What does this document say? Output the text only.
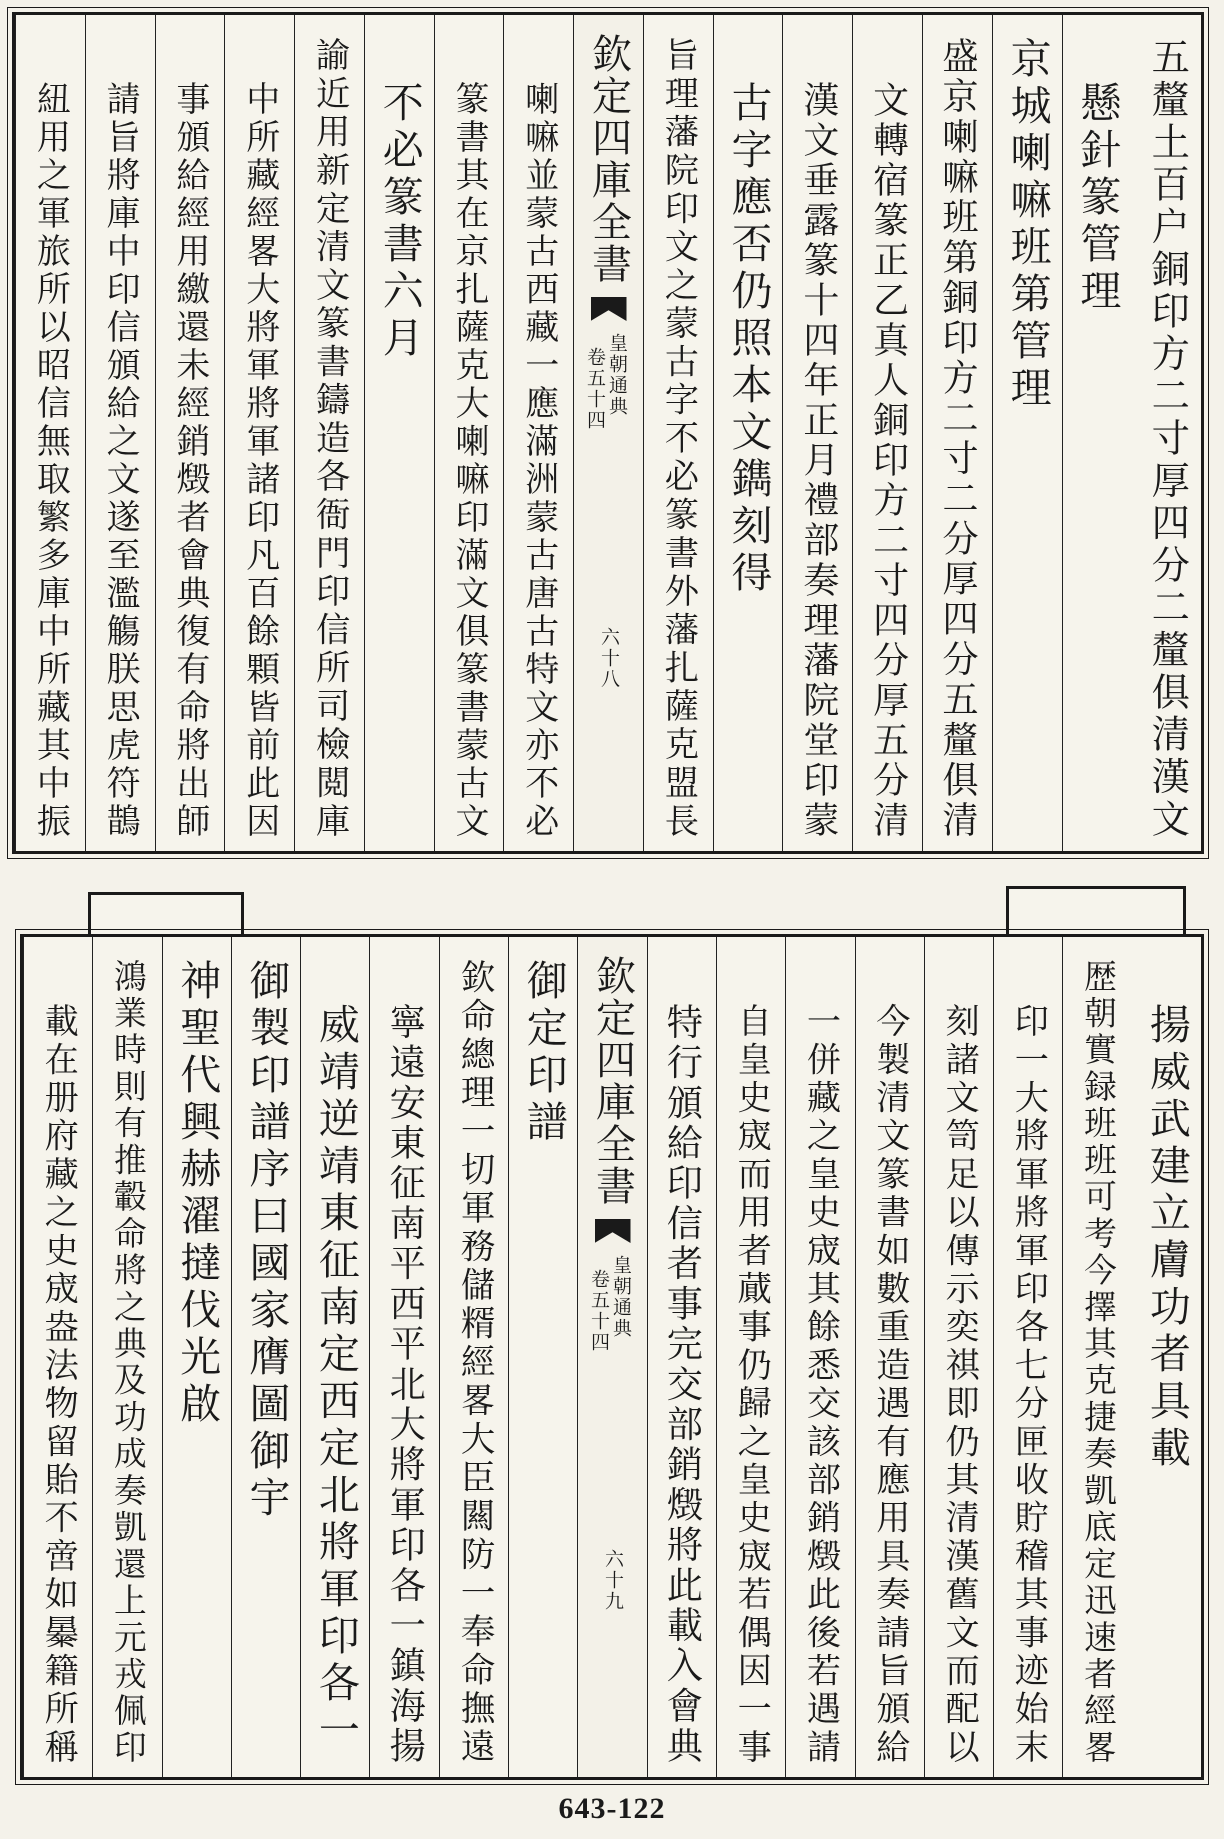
五釐土百户銅印方二寸厚四分二釐俱清漢文
懸針篆管理
京城喇嘛班第管理
盛京喇嘛班第銅印方二寸二分厚四分五釐俱清
文轉宿篆正乙真人銅印方二寸四分厚五分清
漢文垂露篆十四年正月禮部奏理藩院堂印蒙
古字應否仍照本文鐫刻得
旨理藩院印文之蒙古字不必篆書外藩扎薩克盟長
欽定四庫全書
皇朝通典
卷五十四
六十八
喇嘛並蒙古西藏一應滿洲蒙古唐古特文亦不必
篆書其在京扎薩克大喇嘛印滿文俱篆書蒙古文
不必篆書六月
諭近用新定清文篆書鑄造各衙門印信所司檢閲庫
中所藏經畧大將軍將軍諸印凡百餘顆皆前此因
事頒給經用繳還未經銷燬者會典復有命將出師
請旨將庫中印信頒給之文遂至濫觴朕思虎符鵲
紐用之軍旅所以昭信無取繁多庫中所藏其中振
揚威武建立膚功者具載
歴朝實録班班可考今擇其克捷奏凱底定迅速者經畧
印一大將軍將軍印各七分匣收貯稽其事迹始末
刻諸文笥足以傳示奕祺即仍其清漢舊文而配以
今製清文篆書如數重造遇有應用具奏請旨頒給
一併藏之皇史宬其餘悉交該部銷燬此後若遇請
自皇史宬而用者蕆事仍歸之皇史宬若偶因一事
特行頒給印信者事完交部銷燬將此載入會典
欽定四庫全書
皇朝通典
卷五十四
六十九
御定印譜
欽命總理一切軍務儲糈經畧大臣闗防一奉命撫遠
寧遠安東征南平西平北大將軍印各一鎮海揚
威靖逆靖東征南定西定北將軍印各一
御製印譜序曰國家膺圖御宇
神聖代興赫濯撻伐光啟
鴻業時則有推轂命將之典及功成奏凱還上元戎佩印
載在册府藏之史宬盎法物留貽不啻如㬥籍所稱
643-122
